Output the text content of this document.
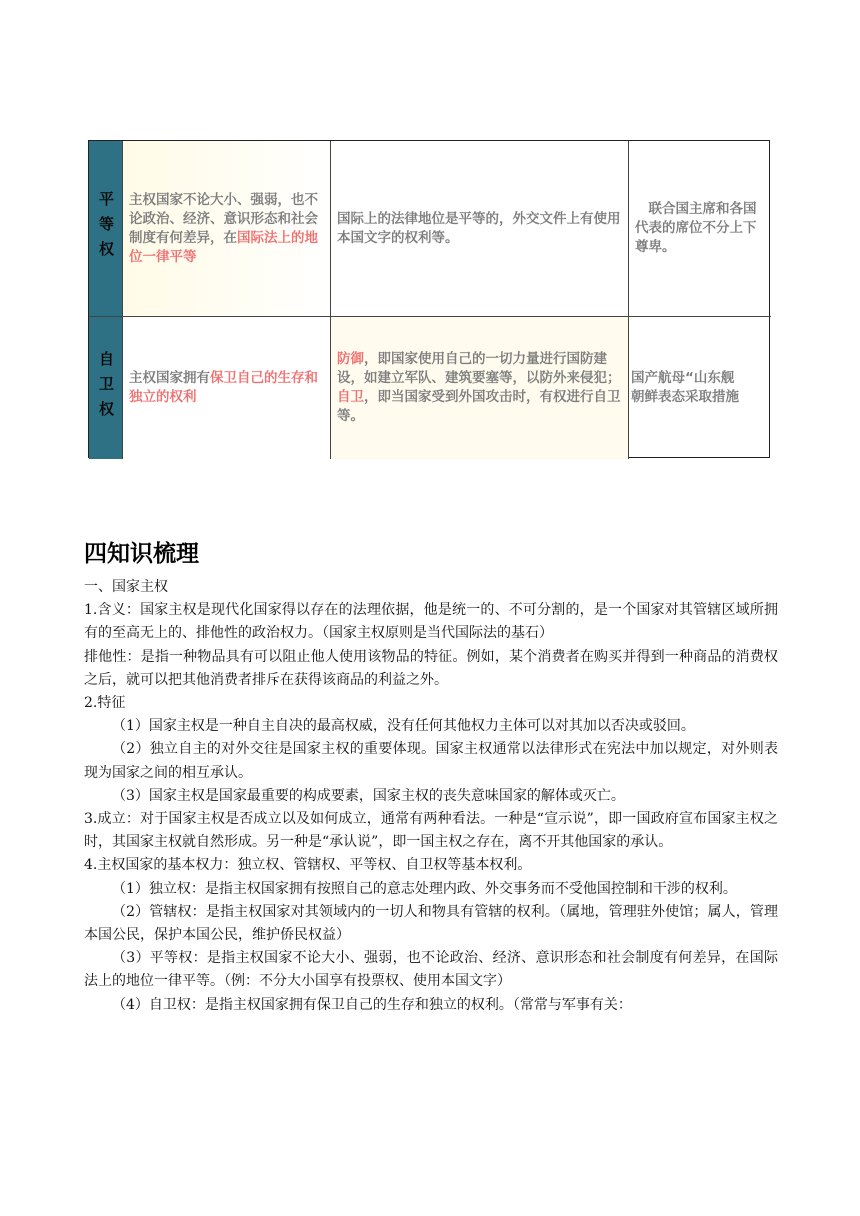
平等权 主权国家不论大小、强弱，也不论政治、经济、意识形态和社会制度有何差异，在国际法上的地位一律平等
国际上的法律地位是平等的，外交文件上有使用本国文字的权利等。
　联合国主席和各国代表的席位不分上下尊卑。
自卫权 主权国家拥有保卫自己的生存和独立的权利
防御，即国家使用自己的一切力量进行国防建设，如建立军队、建筑要塞等，以防外来侵犯；自卫，即当国家受到外国攻击时，有权进行自卫等。
国产航母“山东舰
朝鲜表态采取措施
四知识梳理

一、国家主权

1.含义：国家主权是现代化国家得以存在的法理依据，他是统一的、不可分割的，是一个国家对其管辖区域所拥有的至高无上的、排他性的政治权力。（国家主权原则是当代国际法的基石）

排他性：是指一种物品具有可以阻止他人使用该物品的特征。例如，某个消费者在购买并得到一种商品的消费权之后，就可以把其他消费者排斥在获得该商品的利益之外。

2.特征

（1）国家主权是一种自主自决的最高权威，没有任何其他权力主体可以对其加以否决或驳回。

（2）独立自主的对外交往是国家主权的重要体现。国家主权通常以法律形式在宪法中加以规定，对外则表现为国家之间的相互承认。

（3）国家主权是国家最重要的构成要素，国家主权的丧失意味国家的解体或灭亡。

3.成立：对于国家主权是否成立以及如何成立，通常有两种看法。一种是“宣示说”，即一国政府宣布国家主权之时，其国家主权就自然形成。另一种是“承认说”，即一国主权之存在，离不开其他国家的承认。

4.主权国家的基本权力：独立权、管辖权、平等权、自卫权等基本权利。

（1）独立权：是指主权国家拥有按照自己的意志处理内政、外交事务而不受他国控制和干涉的权利。

（2）管辖权：是指主权国家对其领域内的一切人和物具有管辖的权利。（属地，管理驻外使馆；属人，管理本国公民，保护本国公民，维护侨民权益）

（3）平等权：是指主权国家不论大小、强弱，也不论政治、经济、意识形态和社会制度有何差异，在国际法上的地位一律平等。（例：不分大小国享有投票权、使用本国文字）

（4）自卫权：是指主权国家拥有保卫自己的生存和独立的权利。（常常与军事有关：
